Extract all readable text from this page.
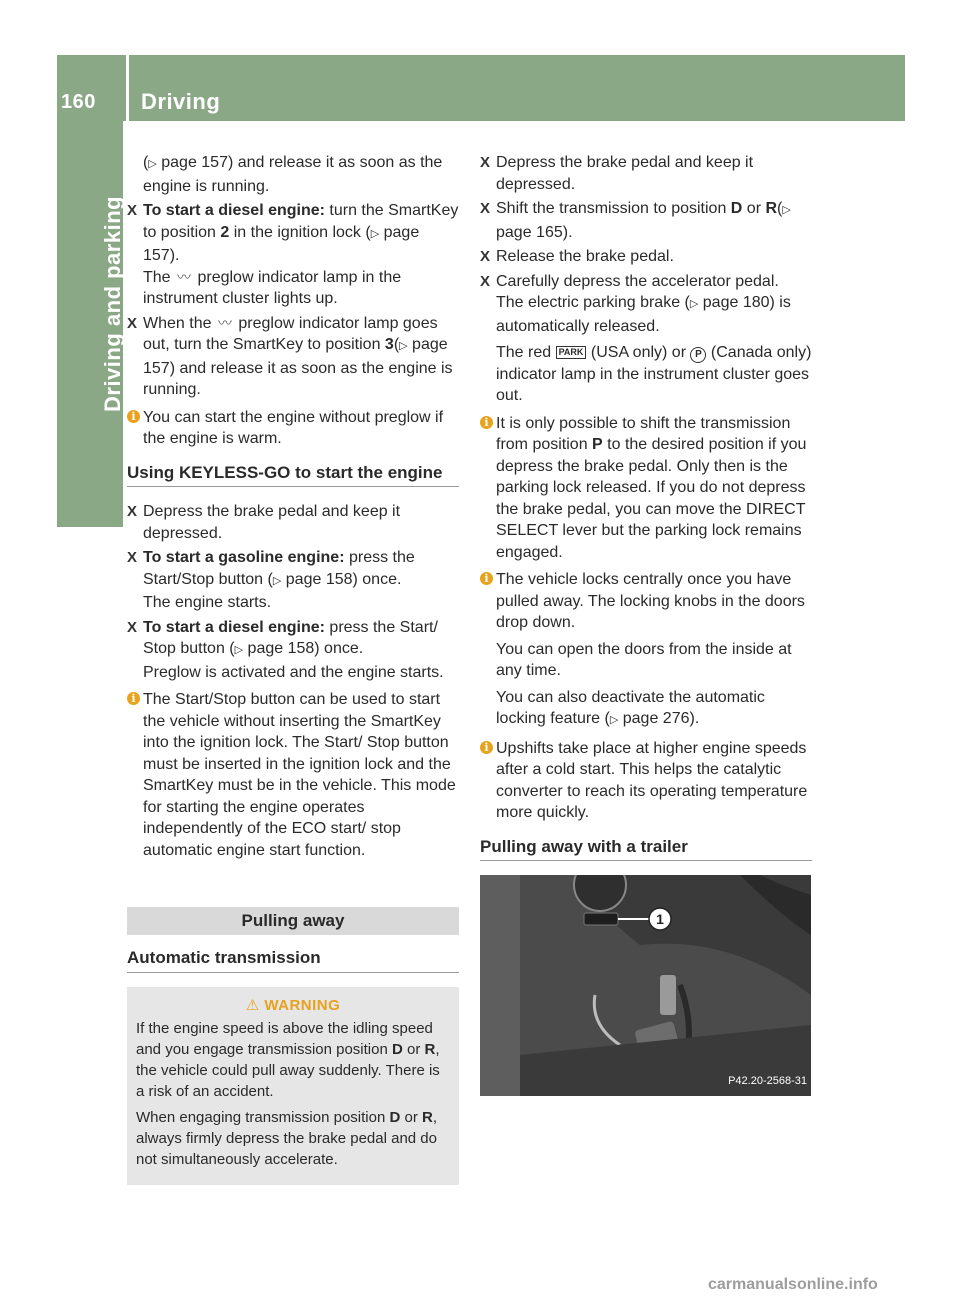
160 Driving
Driving and parking
(▷ page 157) and release it as soon as the engine is running.
X To start a diesel engine: turn the SmartKey to position 2 in the ignition lock (▷ page 157).
The 〰 preglow indicator lamp in the instrument cluster lights up.
X When the 〰 preglow indicator lamp goes out, turn the SmartKey to position 3(▷ page 157) and release it as soon as the engine is running.
i You can start the engine without preglow if the engine is warm.

Using KEYLESS-GO to start the engine
X Depress the brake pedal and keep it depressed.
X To start a gasoline engine: press the Start/Stop button (▷ page 158) once.
The engine starts.
X To start a diesel engine: press the Start/ Stop button (▷ page 158) once.
Preglow is activated and the engine starts.
i The Start/Stop button can be used to start the vehicle without inserting the SmartKey into the ignition lock. The Start/ Stop button must be inserted in the ignition lock and the SmartKey must be in the vehicle. This mode for starting the engine operates independently of the ECO start/ stop automatic engine start function.

Pulling away
Automatic transmission
⚠ WARNING

If the engine speed is above the idling speed and you engage transmission position D or R, the vehicle could pull away suddenly. There is a risk of an accident.

When engaging transmission position D or R, always firmly depress the brake pedal and do not simultaneously accelerate.

X Depress the brake pedal and keep it depressed.
X Shift the transmission to position D or R(▷ page 165).
X Release the brake pedal.
X Carefully depress the accelerator pedal.
The electric parking brake (▷ page 180) is automatically released.
The red PARK (USA only) or P (Canada only) indicator lamp in the instrument cluster goes out.
i It is only possible to shift the transmission from position P to the desired position if you depress the brake pedal. Only then is the parking lock released. If you do not depress the brake pedal, you can move the DIRECT SELECT lever but the parking lock remains engaged.

i The vehicle locks centrally once you have pulled away. The locking knobs in the doors drop down.

You can open the doors from the inside at any time.

You can also deactivate the automatic locking feature (▷ page 276).

i Upshifts take place at higher engine speeds after a cold start. This helps the catalytic converter to reach its operating temperature more quickly.

Pulling away with a trailer
1
P42.20-2568-31
carmanualsonline.info
